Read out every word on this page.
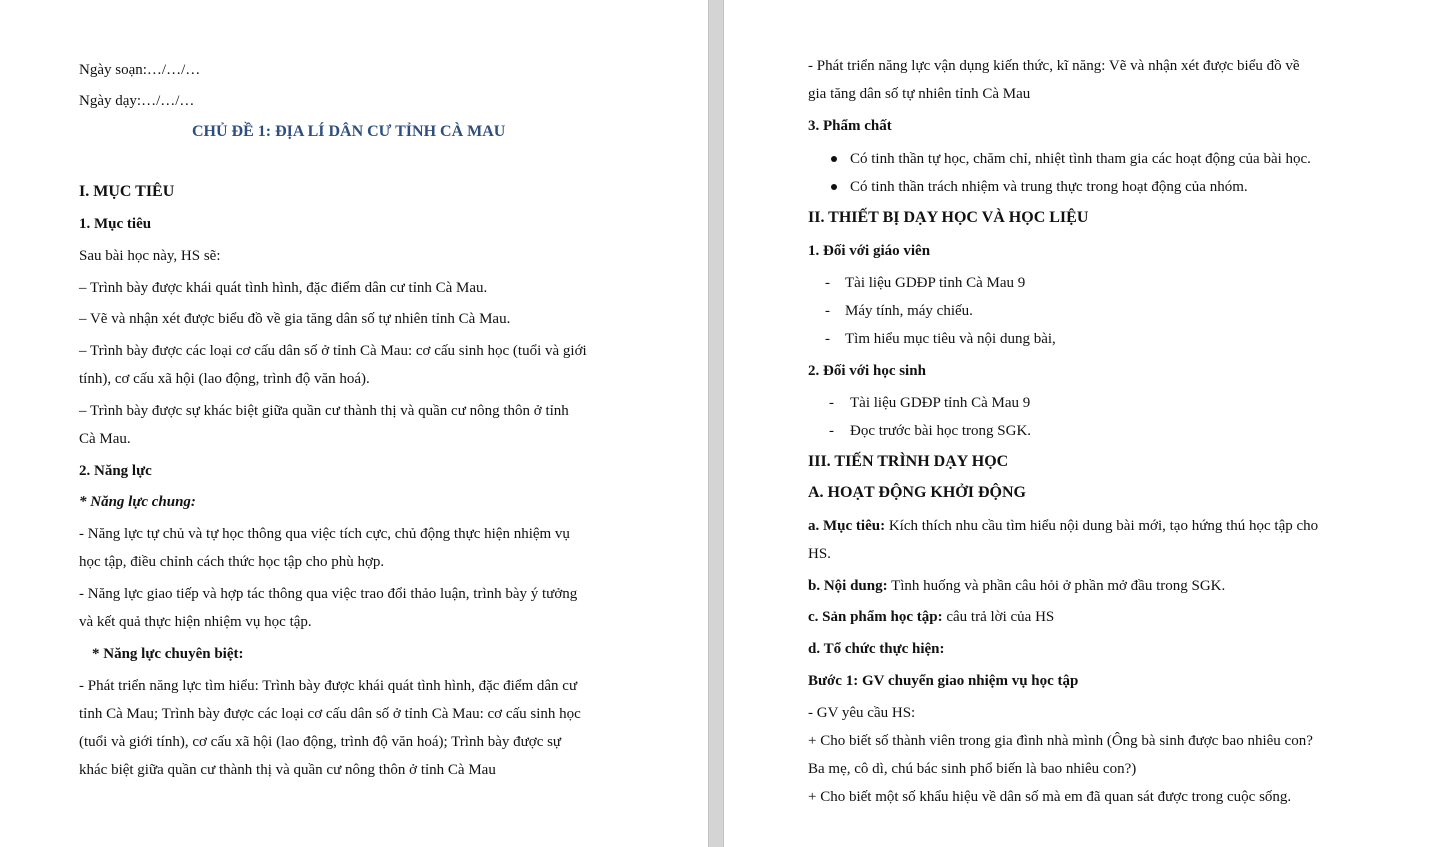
Ngày soạn:…/…/…
Ngày dạy:…/…/…
CHỦ ĐỀ 1: ĐỊA LÍ DÂN CƯ TỈNH CÀ MAU
I. MỤC TIÊU
1. Mục tiêu
Sau bài học này, HS sẽ:
– Trình bày được khái quát tình hình, đặc điểm dân cư tỉnh Cà Mau.
– Vẽ và nhận xét được biểu đồ về gia tăng dân số tự nhiên tỉnh Cà Mau.
– Trình bày được các loại cơ cấu dân số ở tỉnh Cà Mau: cơ cấu sinh học (tuổi và giới
tính), cơ cấu xã hội (lao động, trình độ văn hoá).
– Trình bày được sự khác biệt giữa quần cư thành thị và quần cư nông thôn ở tỉnh
Cà Mau.
2. Năng lực
* Năng lực chung:
- Năng lực tự chủ và tự học thông qua việc tích cực, chủ động thực hiện nhiệm vụ
học tập, điều chỉnh cách thức học tập cho phù hợp.
- Năng lực giao tiếp và hợp tác thông qua việc trao đổi thảo luận, trình bày ý tưởng
và kết quả thực hiện nhiệm vụ học tập.
* Năng lực chuyên biệt:
- Phát triển năng lực tìm hiểu: Trình bày được khái quát tình hình, đặc điểm dân cư
tỉnh Cà Mau; Trình bày được các loại cơ cấu dân số ở tỉnh Cà Mau: cơ cấu sinh học
(tuổi và giới tính), cơ cấu xã hội (lao động, trình độ văn hoá); Trình bày được sự
khác biệt giữa quần cư thành thị và quần cư nông thôn ở tỉnh Cà Mau
- Phát triển năng lực vận dụng kiến thức, kĩ năng: Vẽ và nhận xét được biểu đồ về
gia tăng dân số tự nhiên tỉnh Cà Mau
3. Phẩm chất
Có tinh thần tự học, chăm chỉ, nhiệt tình tham gia các hoạt động của bài học.
Có tinh thần trách nhiệm và trung thực trong hoạt động của nhóm.
II. THIẾT BỊ DẠY HỌC VÀ HỌC LIỆU
1. Đối với giáo viên
- Tài liệu GDĐP tỉnh Cà Mau 9
- Máy tính, máy chiếu.
- Tìm hiểu mục tiêu và nội dung bài,
2. Đối với học sinh
- Tài liệu GDĐP tỉnh Cà Mau 9
- Đọc trước bài học trong SGK.
III. TIẾN TRÌNH DẠY HỌC
A. HOẠT ĐỘNG KHỞI ĐỘNG
a. Mục tiêu: Kích thích nhu cầu tìm hiểu nội dung bài mới, tạo hứng thú học tập cho
HS.
b. Nội dung: Tình huống và phần câu hỏi ở phần mở đầu trong SGK.
c. Sản phẩm học tập: câu trả lời của HS
d. Tổ chức thực hiện:
Bước 1: GV chuyển giao nhiệm vụ học tập
- GV yêu cầu HS:
+ Cho biết số thành viên trong gia đình nhà mình (Ông bà sinh được bao nhiêu con?
Ba mẹ, cô dì, chú bác sinh phổ biến là bao nhiêu con?)
+ Cho biết một số khẩu hiệu về dân số mà em đã quan sát được trong cuộc sống.
